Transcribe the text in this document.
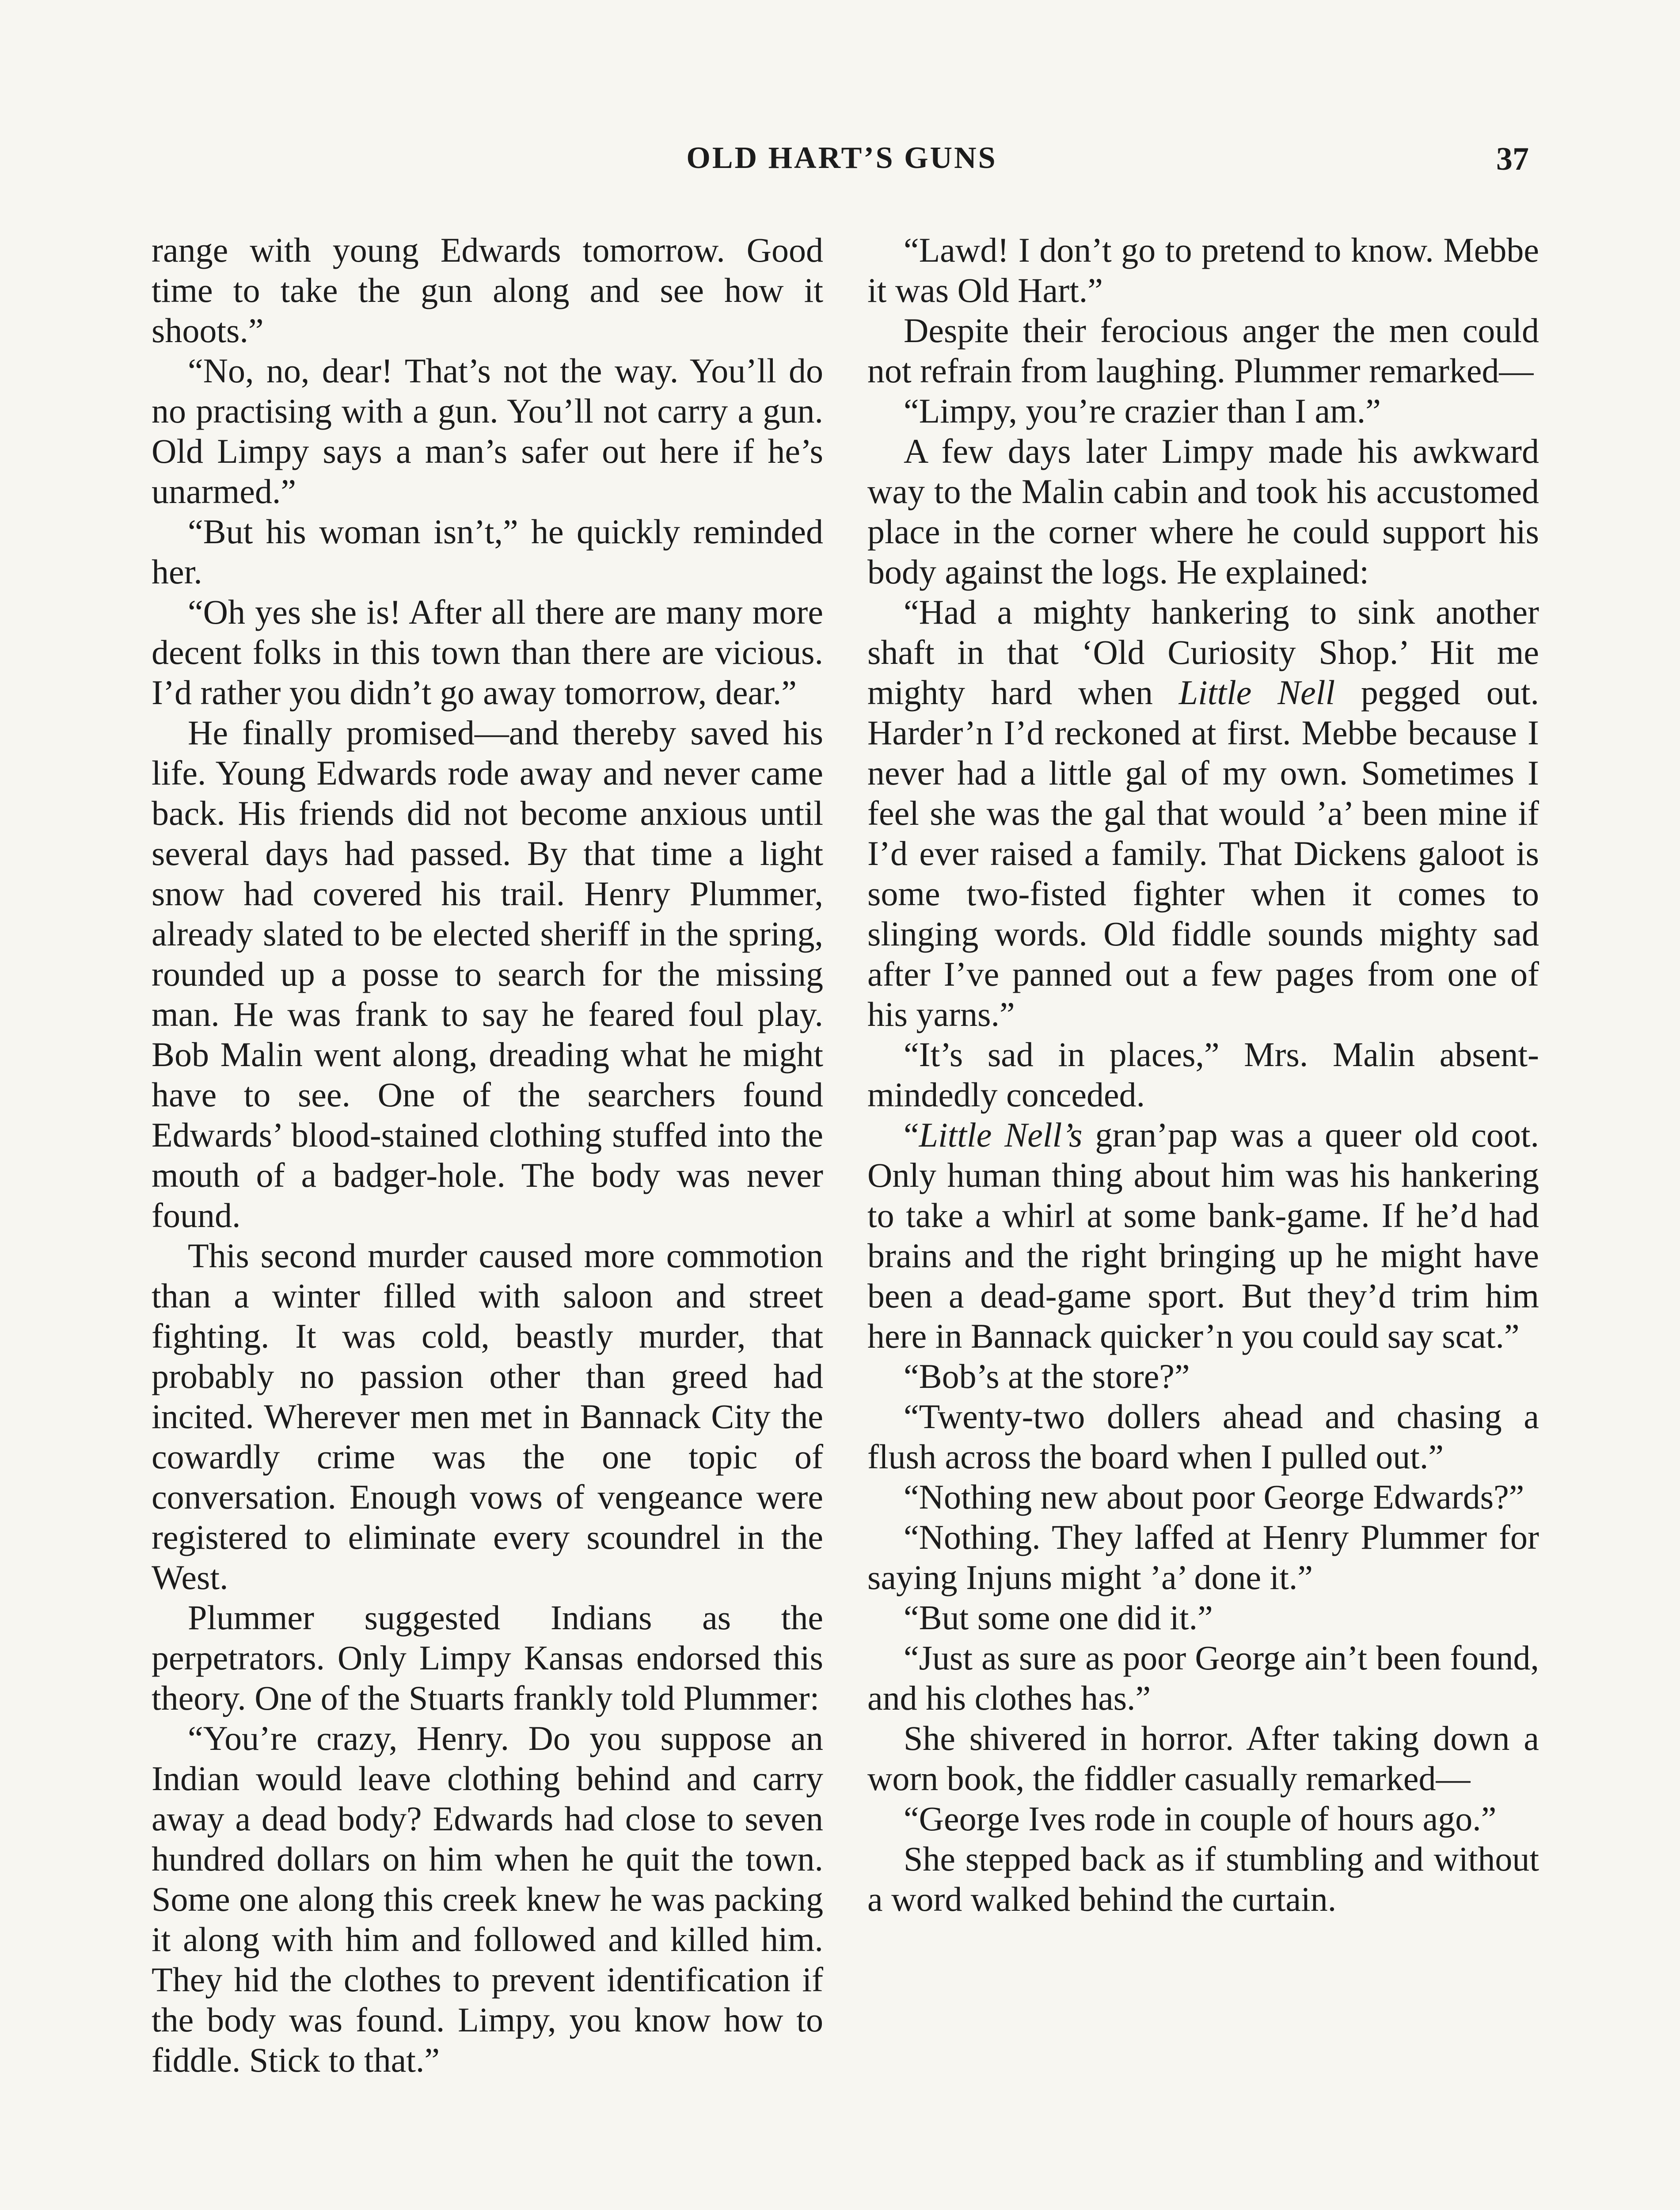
OLD HART’S GUNS	37

range with young Edwards tomorrow. Good time to take the gun along and see how it shoots.”

“No, no, dear! That’s not the way. You’ll do no practising with a gun. You’ll not carry a gun. Old Limpy says a man’s safer out here if he’s unarmed.”

“But his woman isn’t,” he quickly reminded her.

“Oh yes she is! After all there are many more decent folks in this town than there are vicious. I’d rather you didn’t go away tomorrow, dear.”

He finally promised—and thereby saved his life. Young Edwards rode away and never came back. His friends did not become anxious until several days had passed. By that time a light snow had covered his trail. Henry Plummer, already slated to be elected sheriff in the spring, rounded up a posse to search for the missing man. He was frank to say he feared foul play. Bob Malin went along, dreading what he might have to see. One of the searchers found Edwards’ blood-stained clothing stuffed into the mouth of a badger-hole. The body was never found.

This second murder caused more commotion than a winter filled with saloon and street fighting. It was cold, beastly murder, that probably no passion other than greed had incited. Wherever men met in Bannack City the cowardly crime was the one topic of conversation. Enough vows of vengeance were registered to eliminate every scoundrel in the West.

Plummer suggested Indians as the perpetrators. Only Limpy Kansas endorsed this theory. One of the Stuarts frankly told Plummer:

“You’re crazy, Henry. Do you suppose an Indian would leave clothing behind and carry away a dead body? Edwards had close to seven hundred dollars on him when he quit the town. Some one along this creek knew he was packing it along with him and followed and killed him. They hid the clothes to prevent identification if the body was found. Limpy, you know how to fiddle. Stick to that.”

“Lawd! I don’t go to pretend to know. Mebbe it was Old Hart.”

Despite their ferocious anger the men could not refrain from laughing. Plummer remarked—

“Limpy, you’re crazier than I am.”

A few days later Limpy made his awkward way to the Malin cabin and took his accustomed place in the corner where he could support his body against the logs. He explained:

“Had a mighty hankering to sink another shaft in that ‘Old Curiosity Shop.’ Hit me mighty hard when Little Nell pegged out. Harder’n I’d reckoned at first. Mebbe because I never had a little gal of my own. Sometimes I feel she was the gal that would ’a’ been mine if I’d ever raised a family. That Dickens galoot is some two-fisted fighter when it comes to slinging words. Old fiddle sounds mighty sad after I’ve panned out a few pages from one of his yarns.”

“It’s sad in places,” Mrs. Malin absent-mindedly conceded.

“Little Nell’s gran’pap was a queer old coot. Only human thing about him was his hankering to take a whirl at some bank-game. If he’d had brains and the right bringing up he might have been a dead-game sport. But they’d trim him here in Bannack quicker’n you could say scat.”

“Bob’s at the store?”

“Twenty-two dollers ahead and chasing a flush across the board when I pulled out.”

“Nothing new about poor George Edwards?”

“Nothing. They laffed at Henry Plummer for saying Injuns might ’a’ done it.”

“But some one did it.”

“Just as sure as poor George ain’t been found, and his clothes has.”

She shivered in horror. After taking down a worn book, the fiddler casually remarked—

“George Ives rode in couple of hours ago.”

She stepped back as if stumbling and without a word walked behind the curtain.
